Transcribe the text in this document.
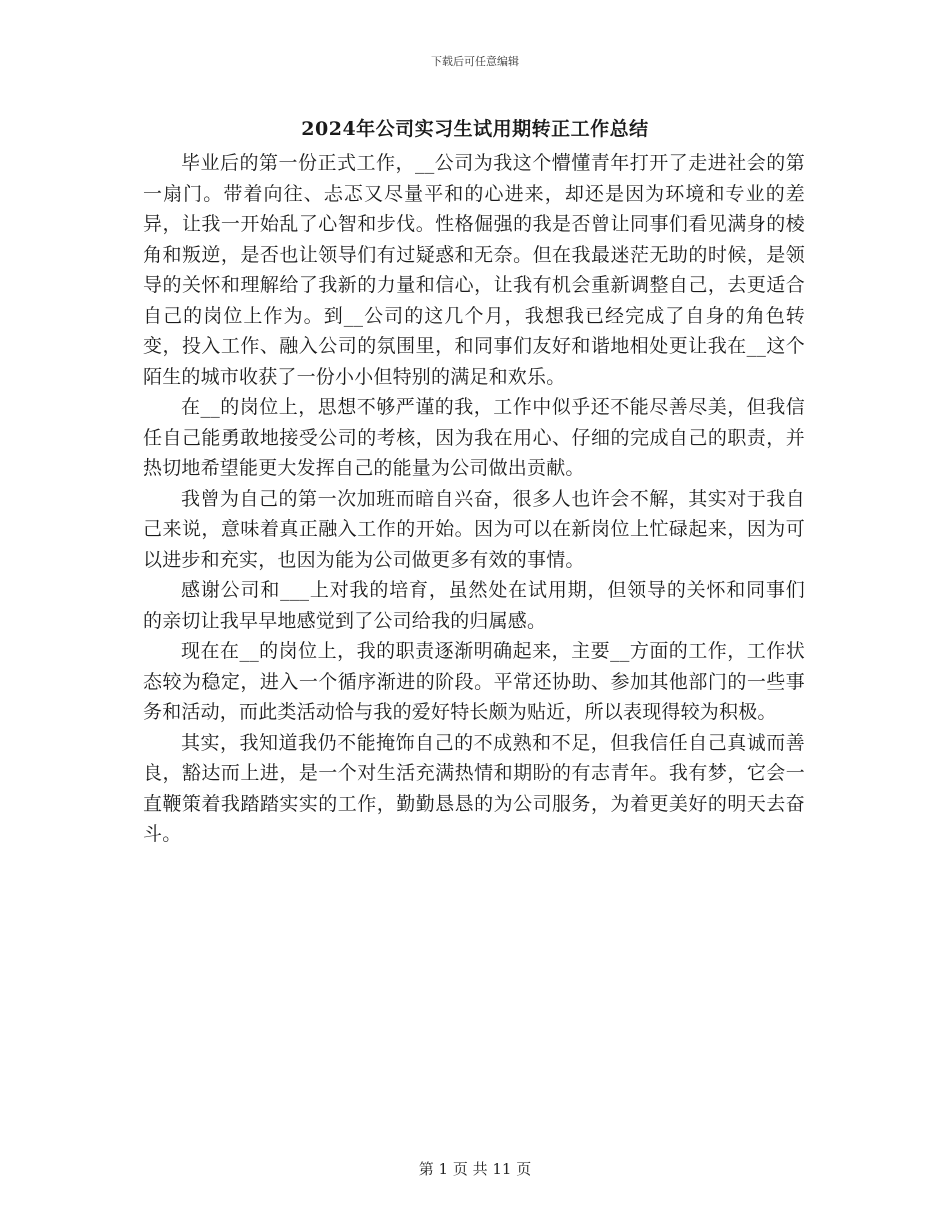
下载后可任意编辑
2024年公司实习生试用期转正工作总结

毕业后的第一份正式工作，__公司为我这个懵懂青年打开了走进社会的第一扇门。带着向往、忐忑又尽量平和的心进来，却还是因为环境和专业的差异，让我一开始乱了心智和步伐。性格倔强的我是否曾让同事们看见满身的棱角和叛逆，是否也让领导们有过疑惑和无奈。但在我最迷茫无助的时候，是领导的关怀和理解给了我新的力量和信心，让我有机会重新调整自己，去更适合自己的岗位上作为。到__公司的这几个月，我想我已经完成了自身的角色转变，投入工作、融入公司的氛围里，和同事们友好和谐地相处更让我在__这个陌生的城市收获了一份小小但特别的满足和欢乐。

在__的岗位上，思想不够严谨的我，工作中似乎还不能尽善尽美，但我信任自己能勇敢地接受公司的考核，因为我在用心、仔细的完成自己的职责，并热切地希望能更大发挥自己的能量为公司做出贡献。

我曾为自己的第一次加班而暗自兴奋，很多人也许会不解，其实对于我自己来说，意味着真正融入工作的开始。因为可以在新岗位上忙碌起来，因为可以进步和充实，也因为能为公司做更多有效的事情。

感谢公司和___上对我的培育，虽然处在试用期，但领导的关怀和同事们的亲切让我早早地感觉到了公司给我的归属感。

现在在__的岗位上，我的职责逐渐明确起来，主要__方面的工作，工作状态较为稳定，进入一个循序渐进的阶段。平常还协助、参加其他部门的一些事务和活动，而此类活动恰与我的爱好特长颇为贴近，所以表现得较为积极。

其实，我知道我仍不能掩饰自己的不成熟和不足，但我信任自己真诚而善良，豁达而上进，是一个对生活充满热情和期盼的有志青年。我有梦，它会一直鞭策着我踏踏实实的工作，勤勤恳恳的为公司服务，为着更美好的明天去奋斗。

第 1 页 共 11 页
